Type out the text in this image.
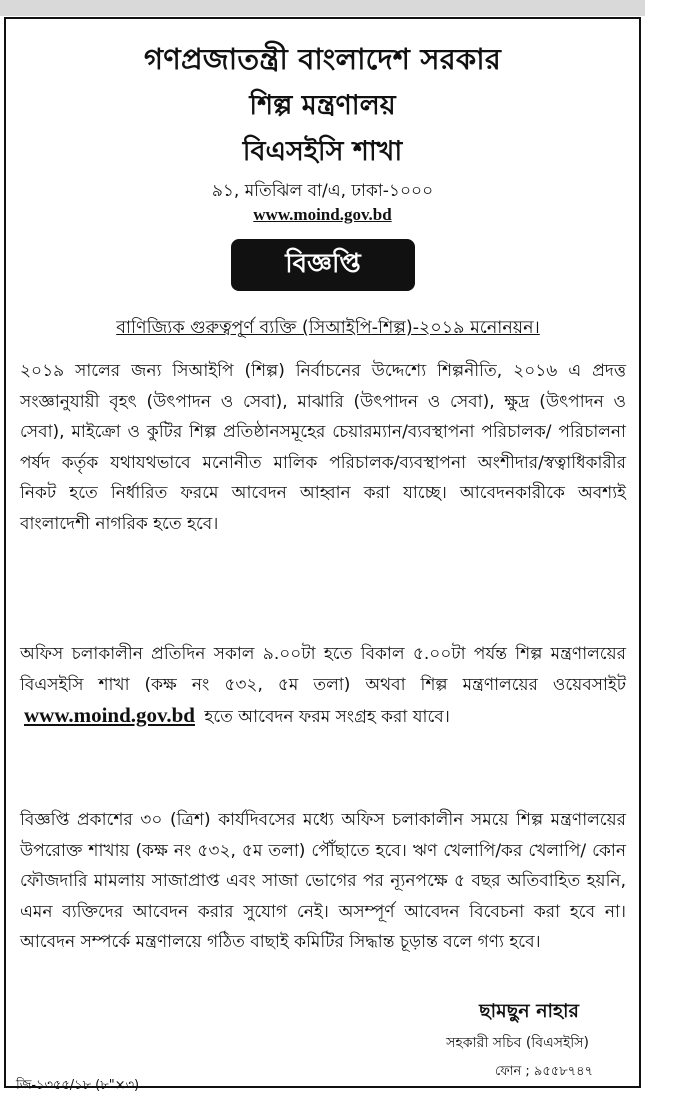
গণপ্রজাতন্ত্রী বাংলাদেশ সরকার
শিল্প মন্ত্রণালয়
বিএসইসি শাখা
৯১, মতিঝিল বা/এ, ঢাকা-১০০০
www.moind.gov.bd
বিজ্ঞপ্তি
বাণিজ্যিক গুরুত্বপূর্ণ ব্যক্তি (সিআইপি-শিল্প)-২০১৯ মনোনয়ন।
২০১৯ সালের জন্য সিআইপি (শিল্প) নির্বাচনের উদ্দেশ্যে শিল্পনীতি, ২০১৬ এ প্রদত্ত সংজ্ঞানুযায়ী বৃহৎ (উৎপাদন ও সেবা), মাঝারি (উৎপাদন ও সেবা), ক্ষুদ্র (উৎপাদন ও সেবা), মাইক্রো ও কুটির শিল্প প্রতিষ্ঠানসমূহের চেয়ারম্যান/ব্যবস্থাপনা পরিচালক/ পরিচালনা পর্ষদ কর্তৃক যথাযথভাবে মনোনীত মালিক পরিচালক/ব্যবস্থাপনা অংশীদার/স্বত্বাধিকারীর নিকট হতে নির্ধারিত ফরমে আবেদন আহ্বান করা যাচ্ছে। আবেদনকারীকে অবশ্যই বাংলাদেশী নাগরিক হতে হবে।
অফিস চলাকালীন প্রতিদিন সকাল ৯.০০টা হতে বিকাল ৫.০০টা পর্যন্ত শিল্প মন্ত্রণালয়ের বিএসইসি শাখা (কক্ষ নং ৫৩২, ৫ম তলা) অথবা শিল্প মন্ত্রণালয়ের ওয়েবসাইট www.moind.gov.bd হতে আবেদন ফরম সংগ্রহ করা যাবে।
বিজ্ঞপ্তি প্রকাশের ৩০ (ত্রিশ) কার্যদিবসের মধ্যে অফিস চলাকালীন সময়ে শিল্প মন্ত্রণালয়ের উপরোক্ত শাখায় (কক্ষ নং ৫৩২, ৫ম তলা) পৌঁছাতে হবে। ঋণ খেলাপি/কর খেলাপি/ কোন ফৌজদারি মামলায় সাজাপ্রাপ্ত এবং সাজা ভোগের পর ন্যূনপক্ষে ৫ বছর অতিবাহিত হয়নি, এমন ব্যক্তিদের আবেদন করার সুযোগ নেই। অসম্পূর্ণ আবেদন বিবেচনা করা হবে না। আবেদন সম্পর্কে মন্ত্রণালয়ে গঠিত বাছাই কমিটির সিদ্ধান্ত চূড়ান্ত বলে গণ্য হবে।
ছামছুন নাহার
সহকারী সচিব (বিএসইসি)
ফোন ; ৯৫৫৮৭৪৭
জি-১৩৫৫/১৮ (৮"×৩)
